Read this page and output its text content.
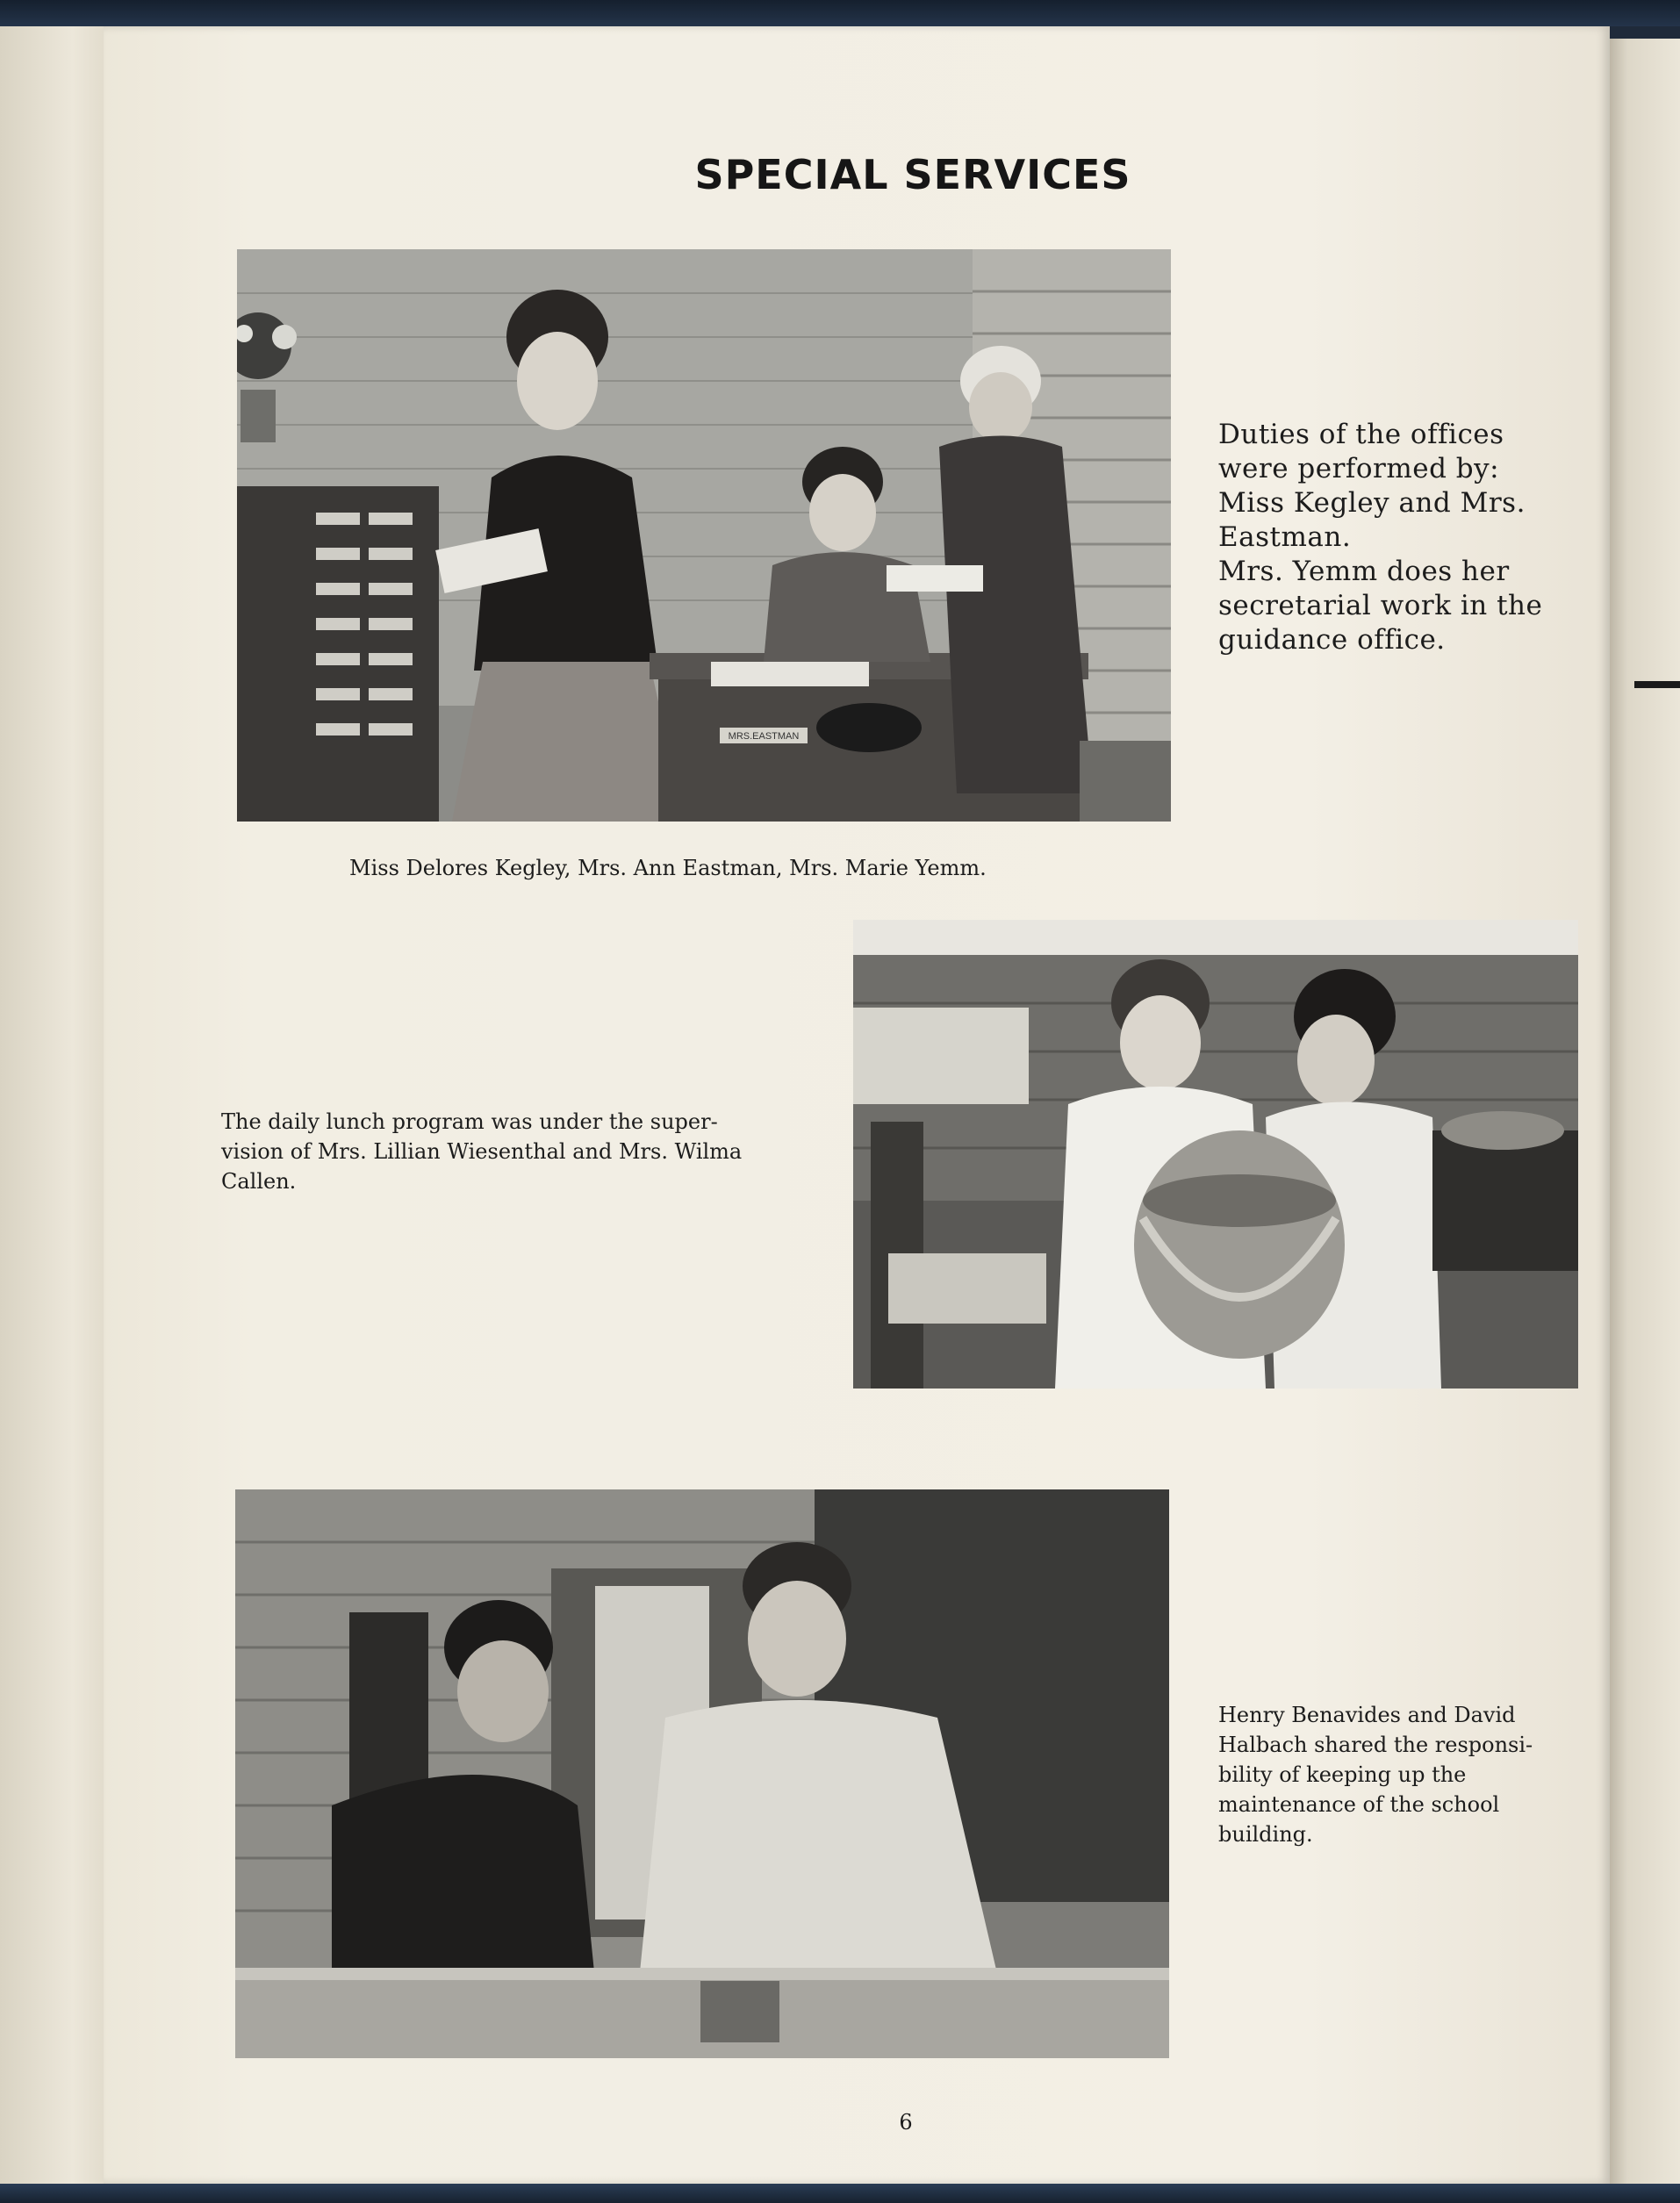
SPECIAL SERVICES
MRS.EASTMAN
Duties of the offices
were performed by:
Miss Kegley and Mrs.
Eastman.
Mrs. Yemm does her
secretarial work in the
guidance office.
Miss Delores Kegley, Mrs. Ann Eastman, Mrs. Marie Yemm.
The daily lunch program was under the super-
vision of Mrs. Lillian Wiesenthal and Mrs. Wilma
Callen.
Henry Benavides and David
Halbach shared the responsi-
bility of keeping up the
maintenance of the school
building.
6
